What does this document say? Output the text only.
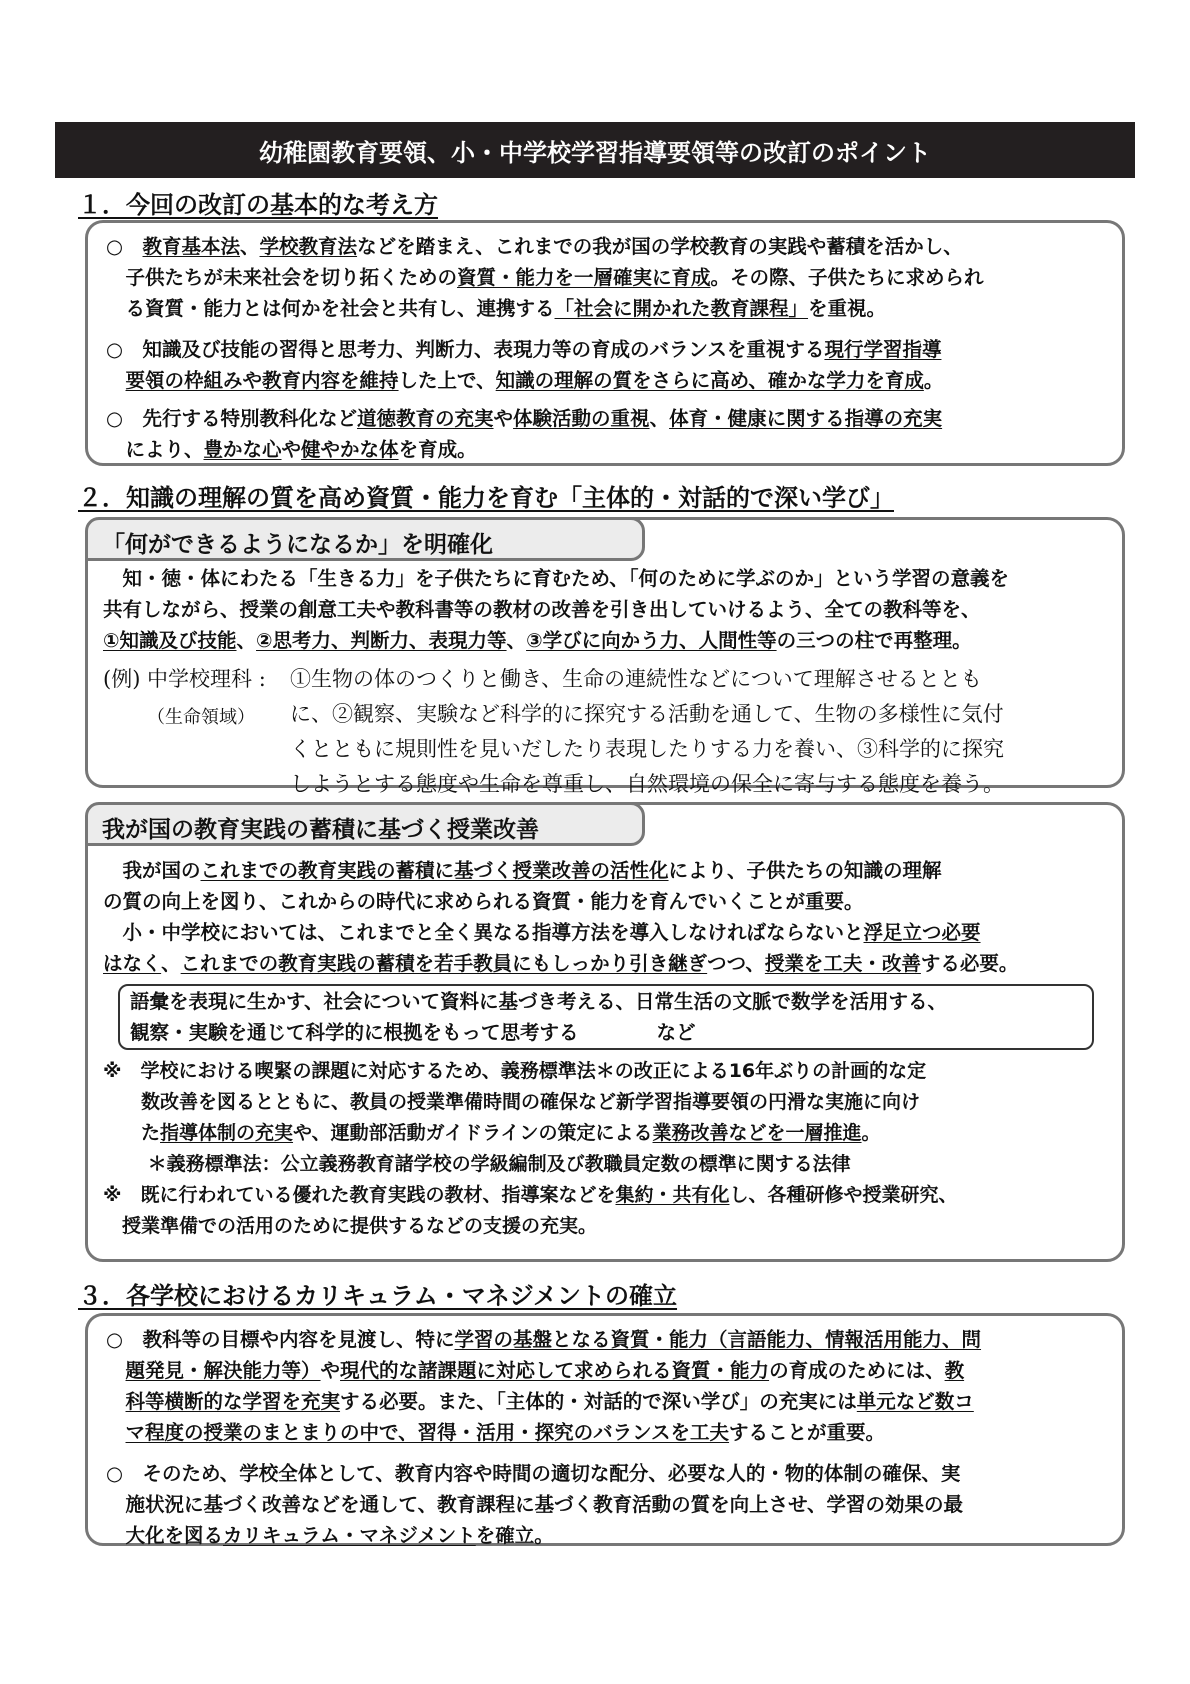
幼稚園教育要領、小・中学校学習指導要領等の改訂のポイント
１．今回の改訂の基本的な考え方
○　教育基本法、学校教育法などを踏まえ、これまでの我が国の学校教育の実践や蓄積を活かし、
　子供たちが未来社会を切り拓くための資質・能力を一層確実に育成。その際、子供たちに求められ
　る資質・能力とは何かを社会と共有し、連携する「社会に開かれた教育課程」を重視。
○　知識及び技能の習得と思考力、判断力、表現力等の育成のバランスを重視する現行学習指導
　要領の枠組みや教育内容を維持した上で、知識の理解の質をさらに高め、確かな学力を育成。
○　先行する特別教科化など道徳教育の充実や体験活動の重視、体育・健康に関する指導の充実
　により、豊かな心や健やかな体を育成。
２．知識の理解の質を高め資質・能力を育む「主体的・対話的で深い学び」
「何ができるようになるか」を明確化
　知・徳・体にわたる「生きる力」を子供たちに育むため、「何のために学ぶのか」という学習の意義を
共有しながら、授業の創意工夫や教科書等の教材の改善を引き出していけるよう、全ての教科等を、
①知識及び技能、②思考力、判断力、表現力等、③学びに向かう力、人間性等の三つの柱で再整理。
(例) 中学校理科 :
（生命領域）
①生物の体のつくりと働き、生命の連続性などについて理解させるととも
に、②観察、実験など科学的に探究する活動を通して、生物の多様性に気付
くとともに規則性を見いだしたり表現したりする力を養い、③科学的に探究
しようとする態度や生命を尊重し、自然環境の保全に寄与する態度を養う。
我が国の教育実践の蓄積に基づく授業改善
　我が国のこれまでの教育実践の蓄積に基づく授業改善の活性化により、子供たちの知識の理解
の質の向上を図り、これからの時代に求められる資質・能力を育んでいくことが重要。
　小・中学校においては、これまでと全く異なる指導方法を導入しなければならないと浮足立つ必要
はなく、これまでの教育実践の蓄積を若手教員にもしっかり引き継ぎつつ、授業を工夫・改善する必要。
語彙を表現に生かす、社会について資料に基づき考える、日常生活の文脈で数学を活用する、
観察・実験を通じて科学的に根拠をもって思考する　　　　など
※　学校における喫緊の課題に対応するため、義務標準法＊の改正による16年ぶりの計画的な定
　　数改善を図るとともに、教員の授業準備時間の確保など新学習指導要領の円滑な実施に向け
　　た指導体制の充実や、運動部活動ガイドラインの策定による業務改善などを一層推進。
　　 ＊義務標準法：公立義務教育諸学校の学級編制及び教職員定数の標準に関する法律
※　既に行われている優れた教育実践の教材、指導案などを集約・共有化し、各種研修や授業研究、
　授業準備での活用のために提供するなどの支援の充実。
３．各学校におけるカリキュラム・マネジメントの確立
○　教科等の目標や内容を見渡し、特に学習の基盤となる資質・能力（言語能力、情報活用能力、問
　題発見・解決能力等）や現代的な諸課題に対応して求められる資質・能力の育成のためには、教
　科等横断的な学習を充実する必要。また、「主体的・対話的で深い学び」の充実には単元など数コ
　マ程度の授業のまとまりの中で、習得・活用・探究のバランスを工夫することが重要。
○　そのため、学校全体として、教育内容や時間の適切な配分、必要な人的・物的体制の確保、実
　施状況に基づく改善などを通して、教育課程に基づく教育活動の質を向上させ、学習の効果の最
　大化を図るカリキュラム・マネジメントを確立。
